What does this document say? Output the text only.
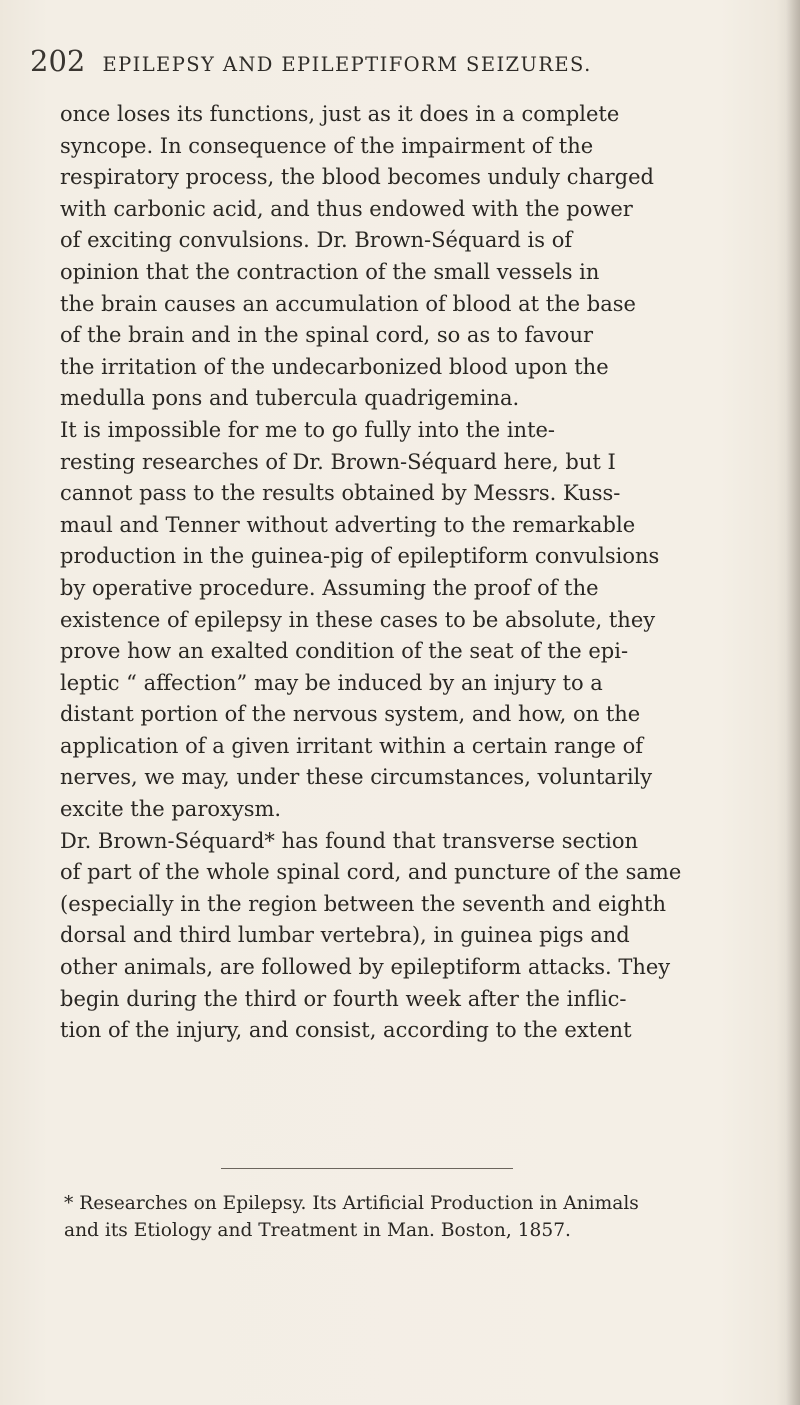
202 EPILEPSY AND EPILEPTIFORM SEIZURES.
once loses its functions, just as it does in a complete
syncope. In consequence of the impairment of the
respiratory process, the blood becomes unduly charged
with carbonic acid, and thus endowed with the power
of exciting convulsions. Dr. Brown-Séquard is of
opinion that the contraction of the small vessels in
the brain causes an accumulation of blood at the base
of the brain and in the spinal cord, so as to favour
the irritation of the undecarbonized blood upon the
medulla pons and tubercula quadrigemina.
It is impossible for me to go fully into the inte-
resting researches of Dr. Brown-Séquard here, but I
cannot pass to the results obtained by Messrs. Kuss-
maul and Tenner without adverting to the remarkable
production in the guinea-pig of epileptiform convulsions
by operative procedure. Assuming the proof of the
existence of epilepsy in these cases to be absolute, they
prove how an exalted condition of the seat of the epi-
leptic “ affection” may be induced by an injury to a
distant portion of the nervous system, and how, on the
application of a given irritant within a certain range of
nerves, we may, under these circumstances, voluntarily
excite the paroxysm.
Dr. Brown-Séquard* has found that transverse section
of part of the whole spinal cord, and puncture of the same
(especially in the region between the seventh and eighth
dorsal and third lumbar vertebra), in guinea pigs and
other animals, are followed by epileptiform attacks. They
begin during the third or fourth week after the inflic-
tion of the injury, and consist, according to the extent
* Researches on Epilepsy. Its Artificial Production in Animals
and its Etiology and Treatment in Man. Boston, 1857.
